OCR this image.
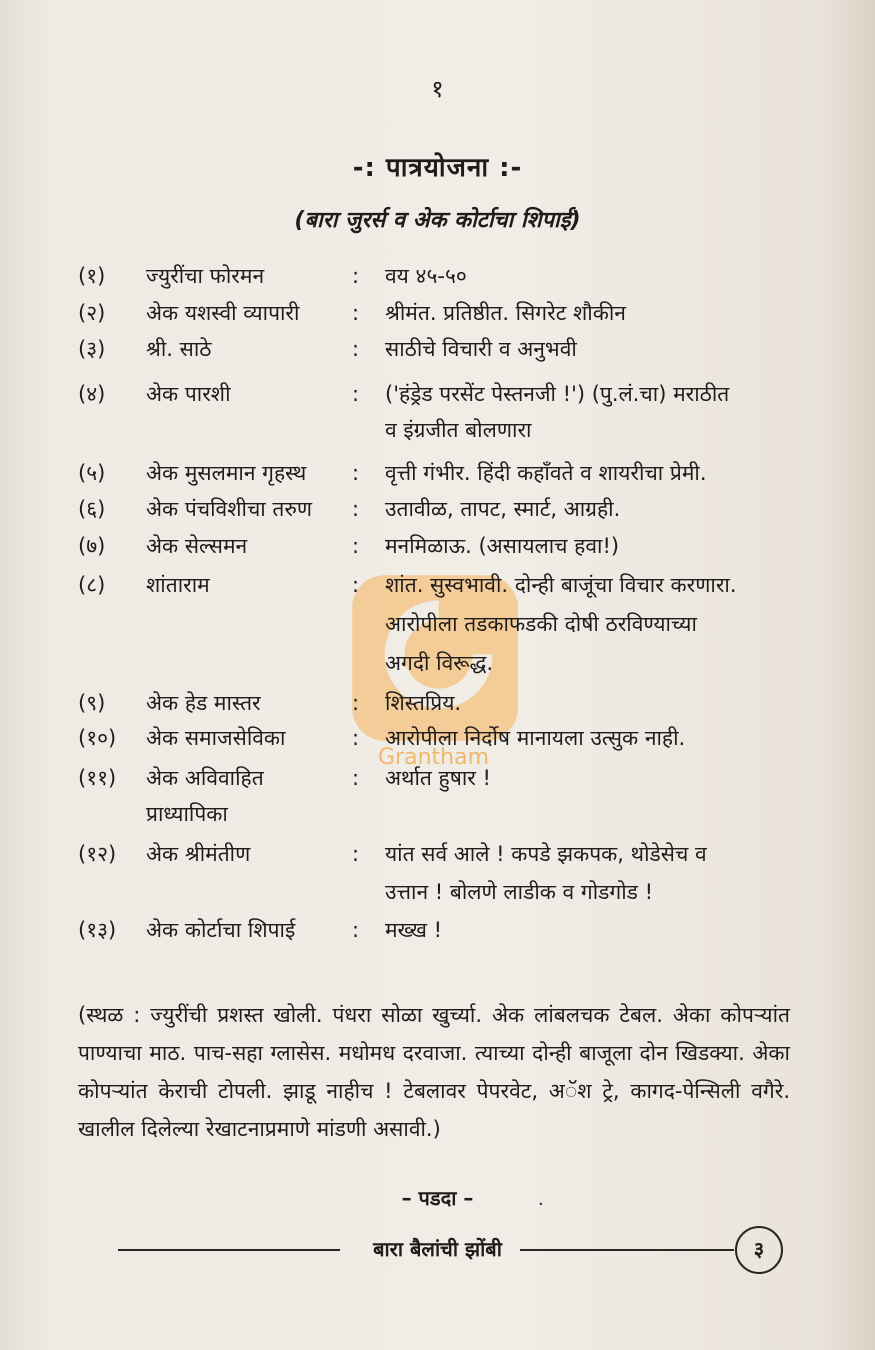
Grantham
१
-: पात्रयोजना :-
(बारा जुरर्स व अेक कोर्टाचा शिपाई)
(१) ज्युरींचा फोरमन	: वय ४५-५०
(२) अेक यशस्वी व्यापारी	: श्रीमंत. प्रतिष्ठीत. सिगरेट शौकीन
(३) श्री. साठे	: साठीचे विचारी व अनुभवी
(४) अेक पारशी	: ('हंड्रेड परसेंट पेस्तनजी !') (पु.लं.चा) मराठीत
व इंग्रजीत बोलणारा
(५) अेक मुसलमान गृहस्थ : वृत्ती गंभीर. हिंदी कहाँवते व शायरीचा प्रेमी.
(६) अेक पंचविशीचा तरुण : उतावीळ, तापट, स्मार्ट, आग्रही.
(७) अेक सेल्समन	: मनमिळाऊ. (असायलाच हवा!)
(८) शांताराम	: शांत. सुस्वभावी. दोन्ही बाजूंचा विचार करणारा.
आरोपीला तडकाफडकी दोषी ठरविण्याच्या
अगदी विरूद्ध.
(९) अेक हेड मास्तर	: शिस्तप्रिय.
(१०) अेक समाजसेविका	: आरोपीला निर्दोष मानायला उत्सुक नाही.
(११) अेक अविवाहित	: अर्थात हुषार !
प्राध्यापिका
(१२) अेक श्रीमंतीण	: यांत सर्व आले ! कपडे झकपक, थोडेसेच व
उत्तान ! बोलणे लाडीक व गोडगोड !
(१३) अेक कोर्टाचा शिपाई	: मख्ख !
(स्थळ : ज्युरींची प्रशस्त खोली. पंधरा सोळा खुर्च्या. अेक लांबलचक टेबल. अेका कोपऱ्यांत पाण्याचा माठ. पाच-सहा ग्लासेस. मधोमध दरवाजा. त्याच्या दोन्ही बाजूला दोन खिडक्या. अेका कोपऱ्यांत केराची टोपली. झाडू नाहीच ! टेबलावर पेपरवेट, अॅश ट्रे, कागद-पेन्सिली वगैरे. खालील दिलेल्या रेखाटनाप्रमाणे मांडणी असावी.)
– पडदा –	·
बारा बैलांची झोंबी	३
